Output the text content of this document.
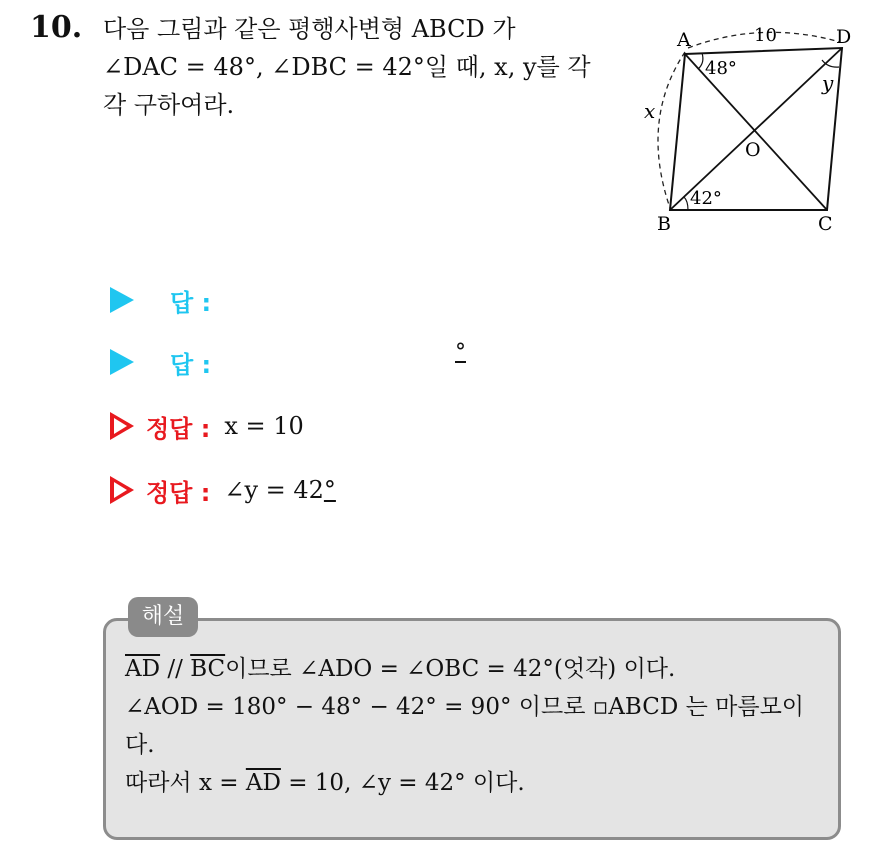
10. 다음 그림과 같은 평행사변형 ABCD 가
∠DAC = 48°, ∠DBC = 42°일 때, x, y를 각
각 구하여라.
A	D
B	C
O
10
x
y
48°
42°
답 :
답 :	°
정답 : x = 10
정답 : ∠y = 42°
해설
$\overline{AD} // \overline{BC}$이므로 ∠ADO = ∠OBC = 42°(엇각) 이다.
∠AOD = 180° − 48° − 42° = 90° 이므로 ▫ABCD 는 마름모이
다.
따라서 $x = \overline{AD} = 10$, ∠y = 42° 이다.
